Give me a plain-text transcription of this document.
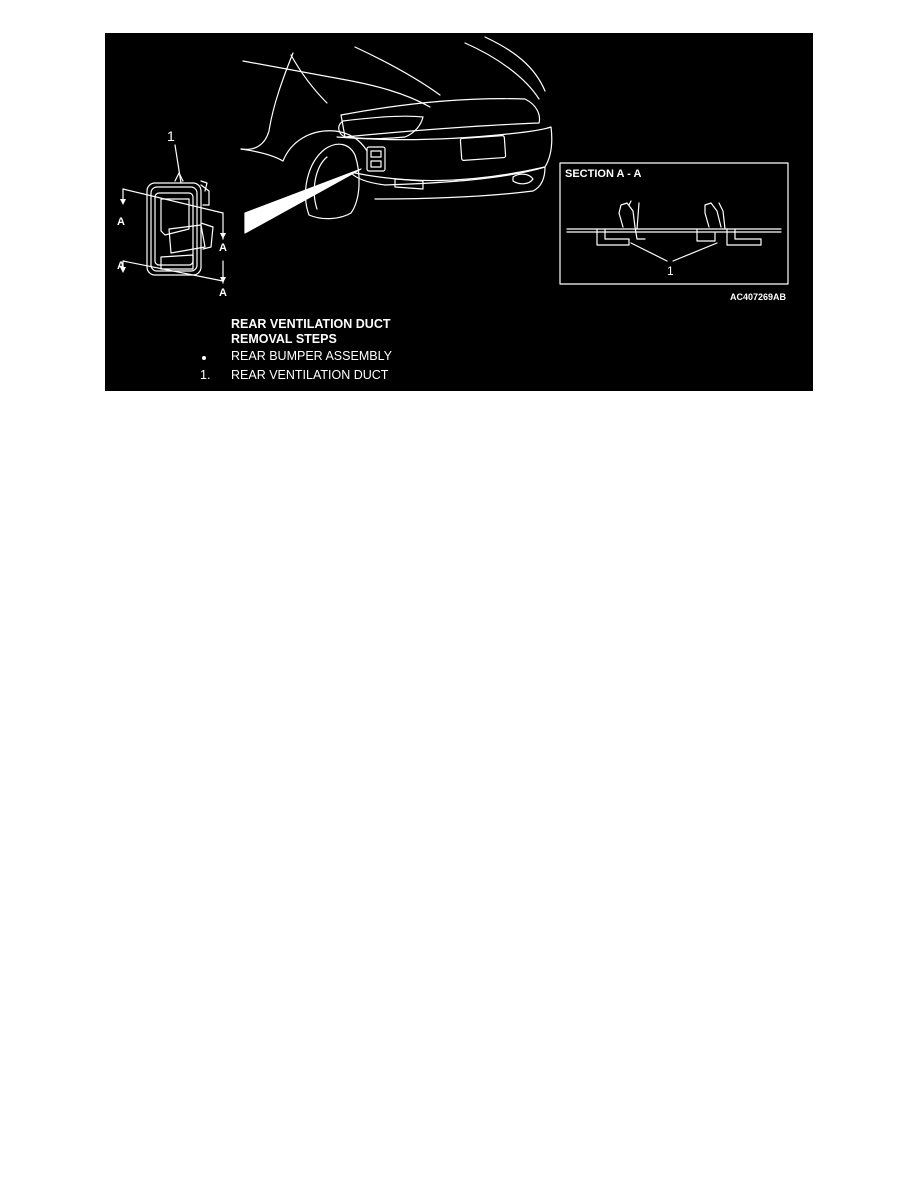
1
A
A
A
A
SECTION A - A
1
AC407269AB
REAR VENTILATION DUCT
REMOVAL STEPS
REAR BUMPER ASSEMBLY
1. REAR VENTILATION DUCT
